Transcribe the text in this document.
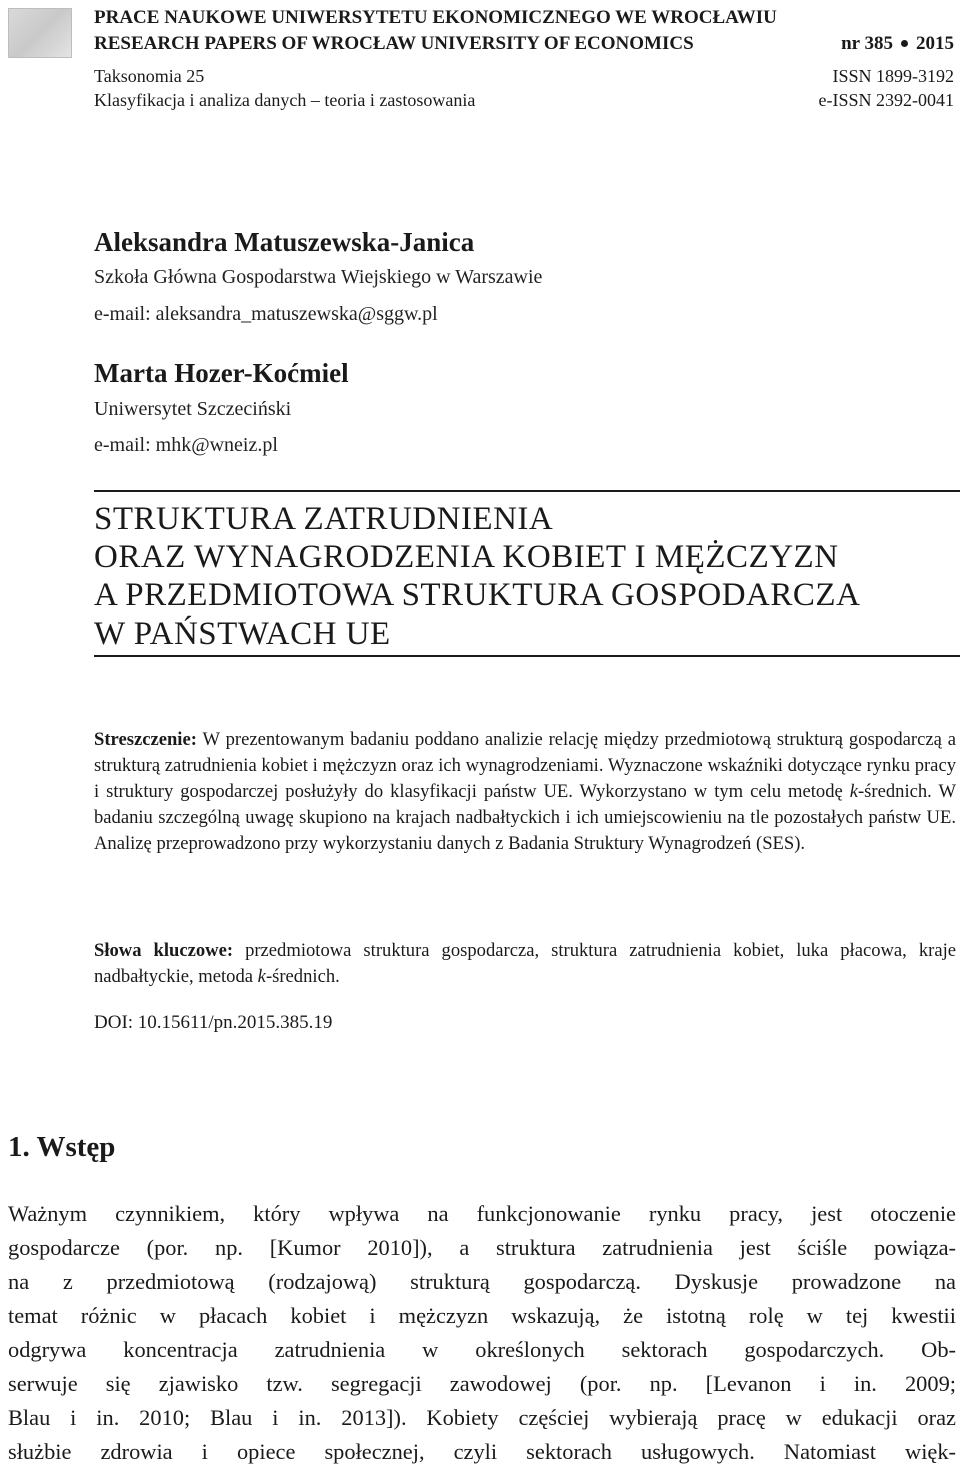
PRACE NAUKOWE UNIWERSYTETU EKONOMICZNEGO WE WROCŁAWIU
RESEARCH PAPERS OF WROCŁAW UNIVERSITY OF ECONOMICS	nr 385 2015
Taksonomia 25	ISSN 1899-3192
Klasyfikacja i analiza danych – teoria i zastosowania	e-ISSN 2392-0041
Aleksandra Matuszewska-Janica
Szkoła Główna Gospodarstwa Wiejskiego w Warszawie
e-mail: aleksandra_matuszewska@sggw.pl
Marta Hozer-Koćmiel
Uniwersytet Szczeciński
e-mail: mhk@wneiz.pl
STRUKTURA ZATRUDNIENIA
ORAZ WYNAGRODZENIA KOBIET I MĘŻCZYZN
A PRZEDMIOTOWA STRUKTURA GOSPODARCZA
W PAŃSTWACH UE
Streszczenie: W prezentowanym badaniu poddano analizie relację między przedmiotową strukturą gospodarczą a strukturą zatrudnienia kobiet i mężczyzn oraz ich wynagrodzeniami. Wyznaczone wskaźniki dotyczące rynku pracy i struktury gospodarczej posłużyły do klasyfikacji państw UE. Wykorzystano w tym celu metodę k-średnich. W badaniu szczególną uwagę skupiono na krajach nadbałtyckich i ich umiejscowieniu na tle pozostałych państw UE. Analizę przeprowadzono przy wykorzystaniu danych z Badania Struktury Wynagrodzeń (SES).
Słowa kluczowe: przedmiotowa struktura gospodarcza, struktura zatrudnienia kobiet, luka płacowa, kraje nadbałtyckie, metoda k-średnich.
DOI: 10.15611/pn.2015.385.19
1. Wstęp
Ważnym czynnikiem, który wpływa na funkcjonowanie rynku pracy, jest otoczenie
gospodarcze (por. np. [Kumor 2010]), a struktura zatrudnienia jest ściśle powiąza-
na z przedmiotową (rodzajową) strukturą gospodarczą. Dyskusje prowadzone na
temat różnic w płacach kobiet i mężczyzn wskazują, że istotną rolę w tej kwestii
odgrywa koncentracja zatrudnienia w określonych sektorach gospodarczych. Ob-
serwuje się zjawisko tzw. segregacji zawodowej (por. np. [Levanon i in. 2009;
Blau i in. 2010; Blau i in. 2013]). Kobiety częściej wybierają pracę w edukacji oraz
służbie zdrowia i opiece społecznej, czyli sektorach usługowych. Natomiast więk-
